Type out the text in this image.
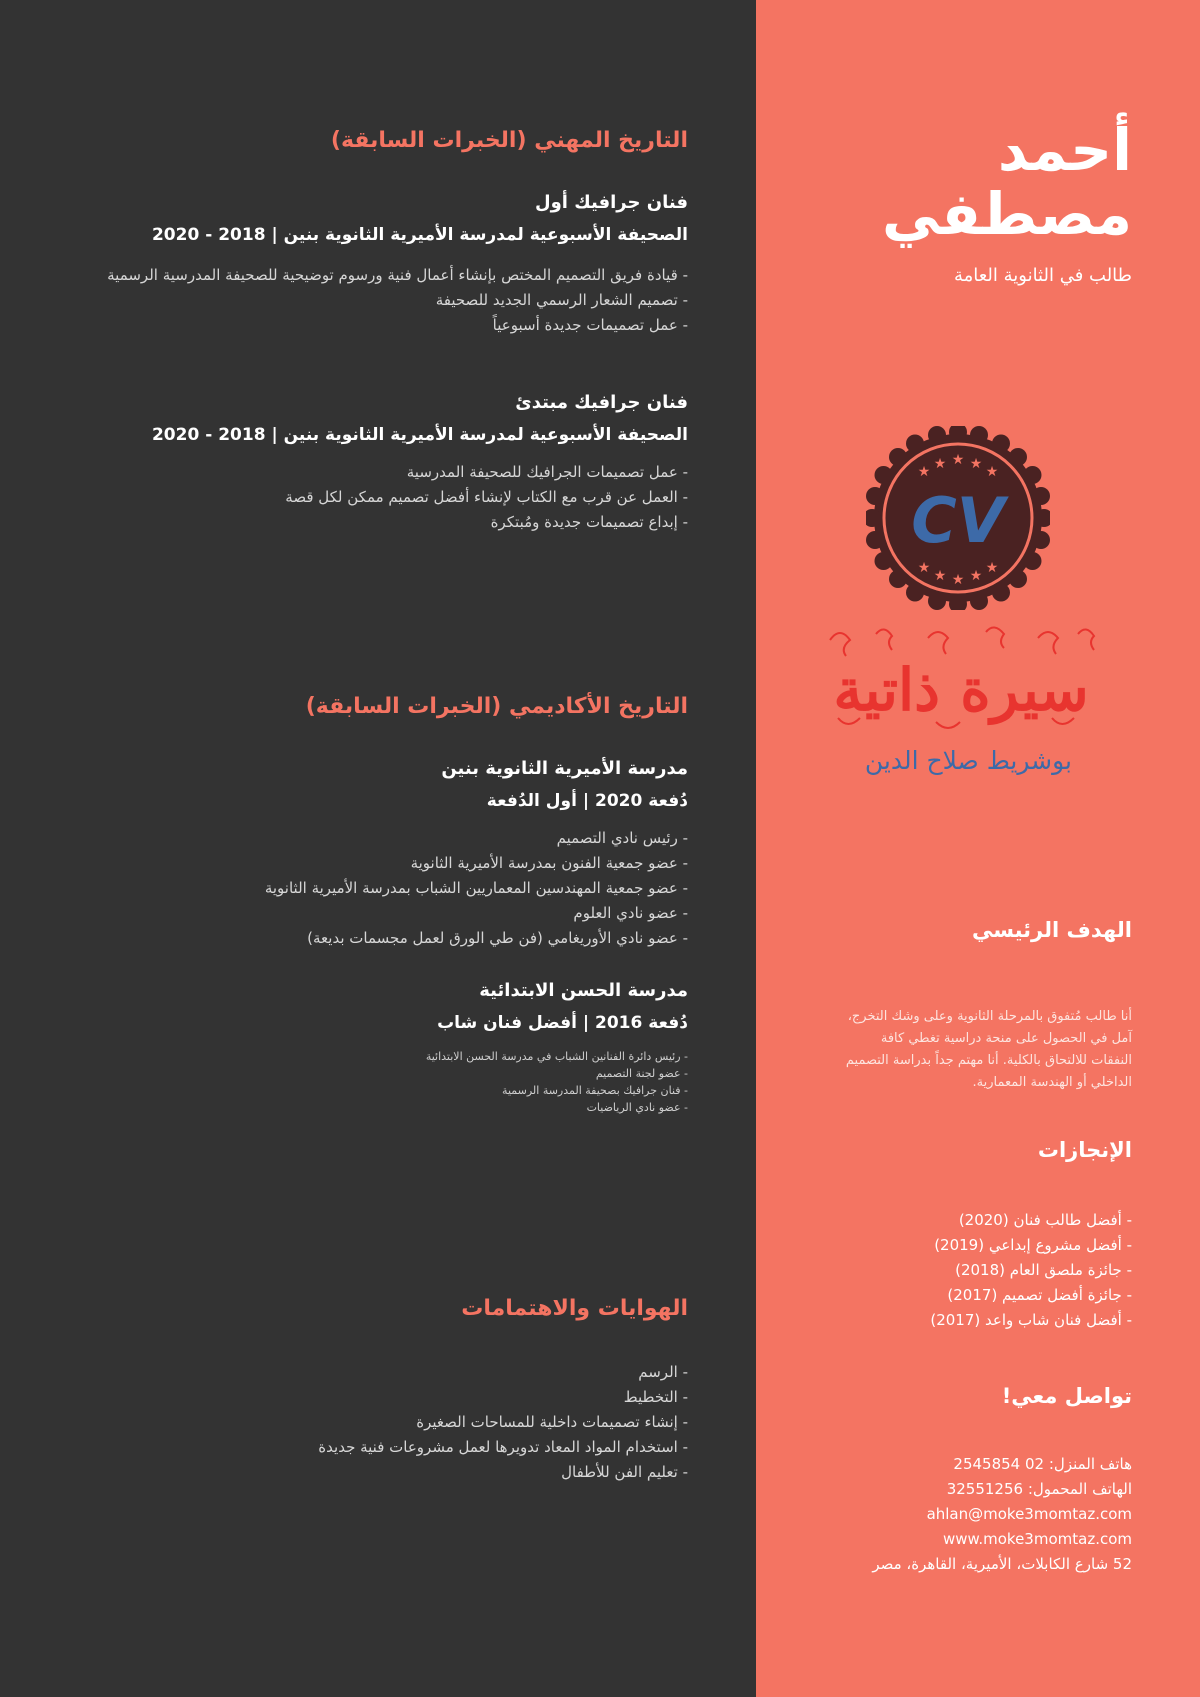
التاريخ المهني (الخبرات السابقة)
فنان جرافيك أول
الصحيفة الأسبوعية لمدرسة الأميرية الثانوية بنين | 2018 - 2020
- قيادة فريق التصميم المختص بإنشاء أعمال فنية ورسوم توضيحية للصحيفة المدرسية الرسمية
- تصميم الشعار الرسمي الجديد للصحيفة
- عمل تصميمات جديدة أسبوعياً
فنان جرافيك مبتدئ
الصحيفة الأسبوعية لمدرسة الأميرية الثانوية بنين | 2018 - 2020
- عمل تصميمات الجرافيك للصحيفة المدرسية
- العمل عن قرب مع الكتاب لإنشاء أفضل تصميم ممكن لكل قصة
- إبداع تصميمات جديدة ومُبتكرة
التاريخ الأكاديمي (الخبرات السابقة)
مدرسة الأميرية الثانوية بنين
دُفعة 2020 | أول الدُفعة
- رئيس نادي التصميم
- عضو جمعية الفنون بمدرسة الأميرية الثانوية
- عضو جمعية المهندسين المعماريين الشباب بمدرسة الأميرية الثانوية
- عضو نادي العلوم
- عضو نادي الأوريغامي (فن طي الورق لعمل مجسمات بديعة)
مدرسة الحسن الابتدائية
دُفعة 2016 | أفضل فنان شاب
- رئيس دائرة الفنانين الشباب في مدرسة الحسن الابتدائية
- عضو لجنة التصميم
- فنان جرافيك بصحيفة المدرسة الرسمية
- عضو نادي الرياضيات
الهوايات والاهتمامات
- الرسم
- التخطيط
- إنشاء تصميمات داخلية للمساحات الصغيرة
- استخدام المواد المعاد تدويرها لعمل مشروعات فنية جديدة
- تعليم الفن للأطفال
أحمد
مصطفي
طالب في الثانوية العامة
★ ★ ★ ★ ★
★ ★ ★ ★ ★
CV
سيرة ذاتية
بوشريط صلاح الدين
الهدف الرئيسي
أنا طالب مُتفوق بالمرحلة الثانوية وعلى وشك التخرج، آمل في الحصول على منحة دراسية تغطي كافة النفقات للالتحاق بالكلية. أنا مهتم جداً بدراسة التصميم الداخلي أو الهندسة المعمارية.
الإنجازات
- أفضل طالب فنان (2020)
- أفضل مشروع إبداعي (2019)
- جائزة ملصق العام (2018)
- جائزة أفضل تصميم (2017)
- أفضل فنان شاب واعد (2017)
تواصل معي!
هاتف المنزل: 02 2545854
الهاتف المحمول: 32551256
ahlan@moke3momtaz.com
www.moke3momtaz.com
52 شارع الكابلات، الأميرية، القاهرة، مصر
